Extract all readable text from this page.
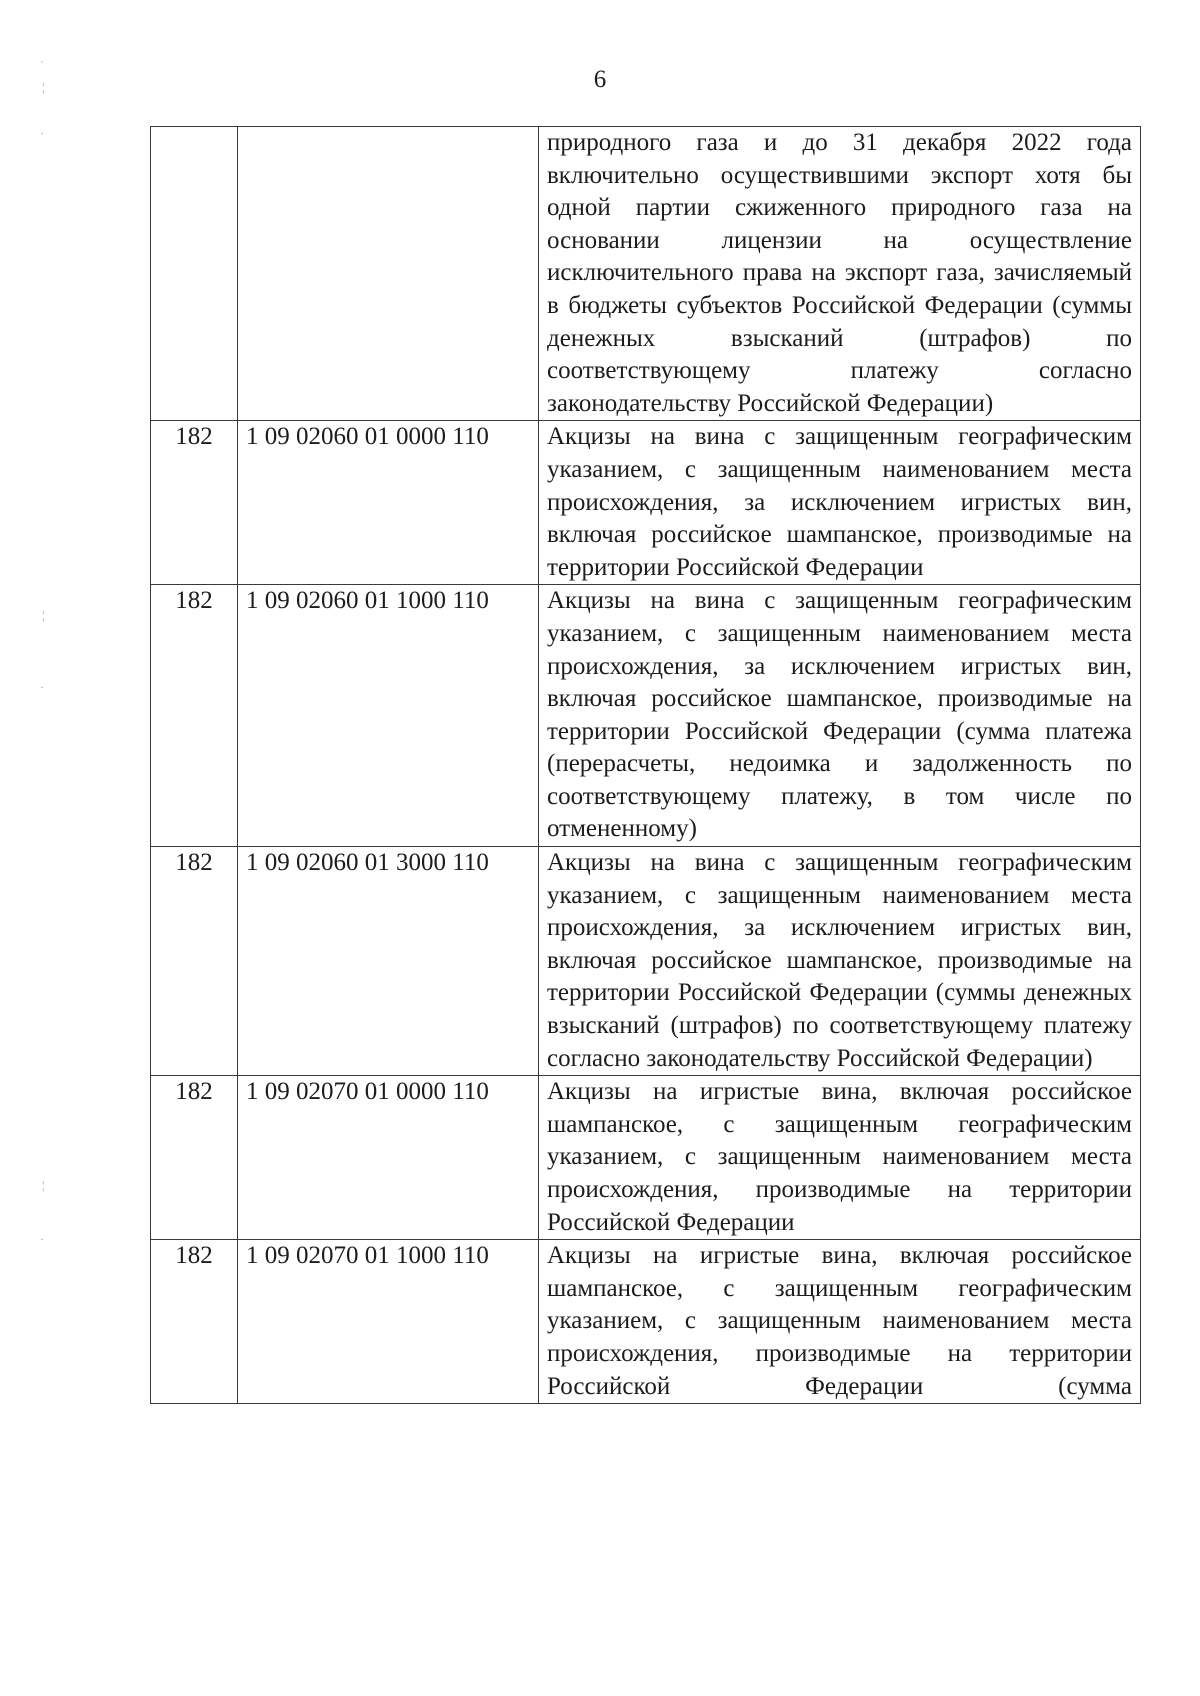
6
		природного газа и до 31 декабря 2022 года включительно осуществившими экспорт хотя бы одной партии сжиженного природного газа на основании лицензии на осуществление исключительного права на экспорт газа, зачисляемый в бюджеты субъектов Российской Федерации (суммы денежных взысканий (штрафов) по соответствующему платежу согласно законодательству Российской Федерации)
182	1 09 02060 01 0000 110	Акцизы на вина с защищенным географическим указанием, с защищенным наименованием места происхождения, за исключением игристых вин, включая российское шампанское, производимые на территории Российской Федерации
182	1 09 02060 01 1000 110	Акцизы на вина с защищенным географическим указанием, с защищенным наименованием места происхождения, за исключением игристых вин, включая российское шампанское, производимые на территории Российской Федерации (сумма платежа (перерасчеты, недоимка и задолженность по соответствующему платежу, в том числе по отмененному)
182	1 09 02060 01 3000 110	Акцизы на вина с защищенным географическим указанием, с защищенным наименованием места происхождения, за исключением игристых вин, включая российское шампанское, производимые на территории Российской Федерации (суммы денежных взысканий (штрафов) по соответствующему платежу согласно законодательству Российской Федерации)
182	1 09 02070 01 0000 110	Акцизы на игристые вина, включая российское шампанское, с защищенным географическим указанием, с защищенным наименованием места происхождения, производимые на территории Российской Федерации
182	1 09 02070 01 1000 110	Акцизы на игристые вина, включая российское шампанское, с защищенным географическим указанием, с защищенным наименованием места происхождения, производимые на территории Российской Федерации (сумма
˙
¦
·
¦
·
¦
·
